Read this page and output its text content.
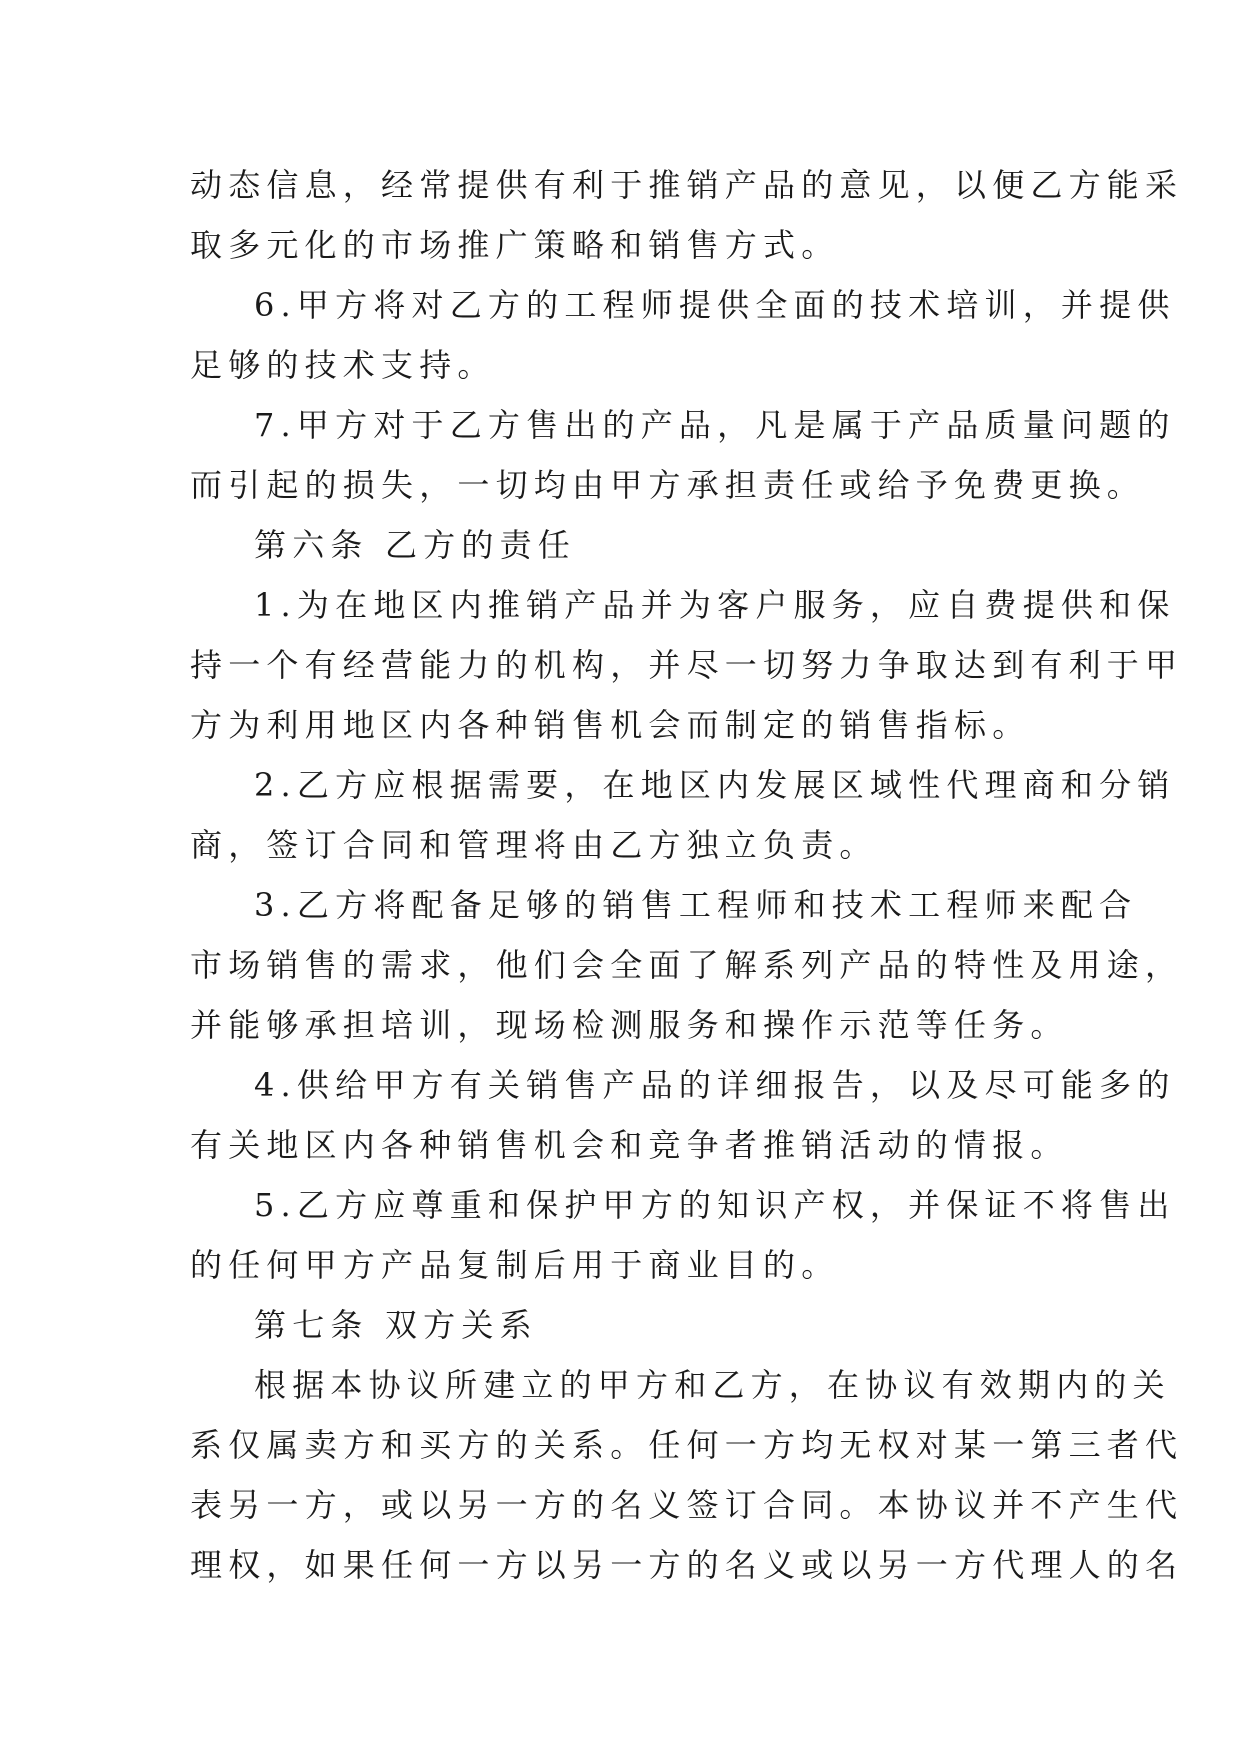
动态信息，经常提供有利于推销产品的意见，以便乙方能采
取多元化的市场推广策略和销售方式。
6.甲方将对乙方的工程师提供全面的技术培训，并提供
足够的技术支持。
7.甲方对于乙方售出的产品，凡是属于产品质量问题的
而引起的损失，一切均由甲方承担责任或给予免费更换。
第六条 乙方的责任
1.为在地区内推销产品并为客户服务，应自费提供和保
持一个有经营能力的机构，并尽一切努力争取达到有利于甲
方为利用地区内各种销售机会而制定的销售指标。
2.乙方应根据需要，在地区内发展区域性代理商和分销
商，签订合同和管理将由乙方独立负责。
3.乙方将配备足够的销售工程师和技术工程师来配合
市场销售的需求，他们会全面了解系列产品的特性及用途，
并能够承担培训，现场检测服务和操作示范等任务。
4.供给甲方有关销售产品的详细报告，以及尽可能多的
有关地区内各种销售机会和竞争者推销活动的情报。
5.乙方应尊重和保护甲方的知识产权，并保证不将售出
的任何甲方产品复制后用于商业目的。
第七条 双方关系
根据本协议所建立的甲方和乙方，在协议有效期内的关
系仅属卖方和买方的关系。任何一方均无权对某一第三者代
表另一方，或以另一方的名义签订合同。本协议并不产生代
理权，如果任何一方以另一方的名义或以另一方代理人的名
